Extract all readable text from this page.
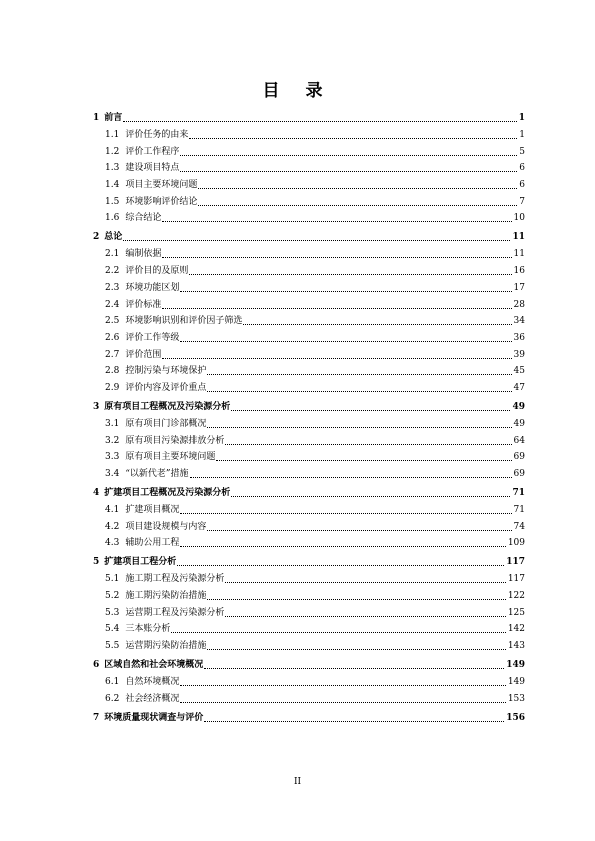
目 录
1 前言	1
1.1 评价任务的由来	1
1.2 评价工作程序	5
1.3 建设项目特点	6
1.4 项目主要环境问题	6
1.5 环境影响评价结论	7
1.6 综合结论	10
2 总论	11
2.1 编制依据	11
2.2 评价目的及原则	16
2.3 环境功能区划	17
2.4 评价标准	28
2.5 环境影响识别和评价因子筛选	34
2.6 评价工作等级	36
2.7 评价范围	39
2.8 控制污染与环境保护	45
2.9 评价内容及评价重点	47
3 原有项目工程概况及污染源分析	49
3.1 原有项目门诊部概况	49
3.2 原有项目污染源排放分析	64
3.3 原有项目主要环境问题	69
3.4 “以新代老”措施	69
4 扩建项目工程概况及污染源分析	71
4.1 扩建项目概况	71
4.2 项目建设规模与内容	74
4.3 辅助公用工程	109
5 扩建项目工程分析	117
5.1 施工期工程及污染源分析	117
5.2 施工期污染防治措施	122
5.3 运营期工程及污染源分析	125
5.4 三本账分析	142
5.5 运营期污染防治措施	143
6 区域自然和社会环境概况	149
6.1 自然环境概况	149
6.2 社会经济概况	153
7 环境质量现状调查与评价	156
II
